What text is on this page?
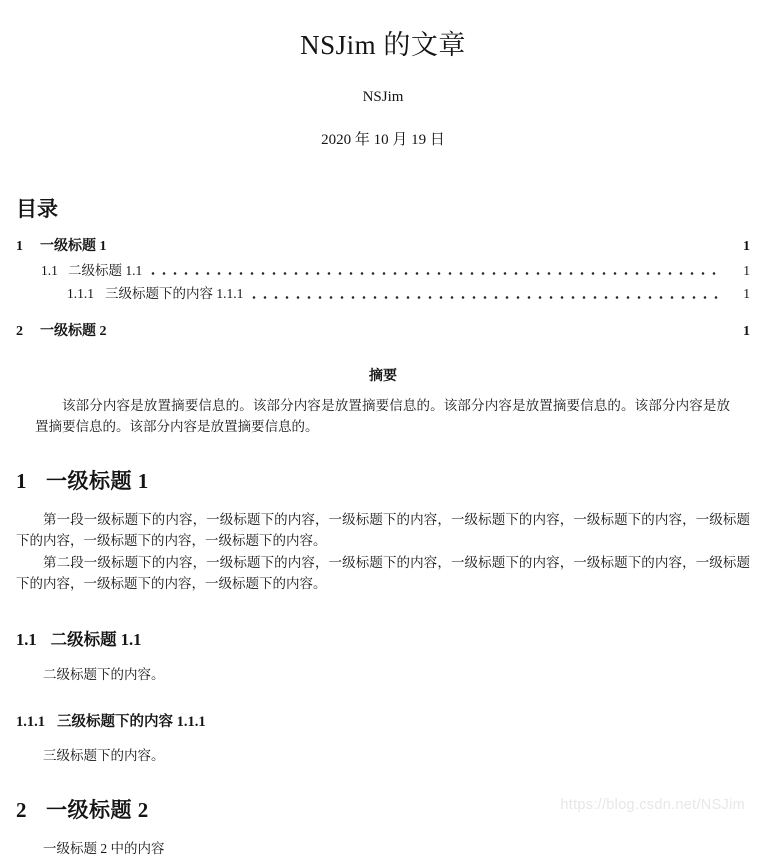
NSJim 的文章
NSJim
2020 年 10 月 19 日
目录
1	一级标题 1	1
1.1 二级标题 1.1	1
1.1.1 三级标题下的内容 1.1.1	1
2	一级标题 2	1
摘要

该部分内容是放置摘要信息的。该部分内容是放置摘要信息的。该部分内容是放置摘要信息的。该部分内容是放置摘要信息的。该部分内容是放置摘要信息的。

1 一级标题 1

第一段一级标题下的内容，一级标题下的内容，一级标题下的内容，一级标题下的内容，一级标题下的内容，一级标题下的内容，一级标题下的内容，一级标题下的内容。

第二段一级标题下的内容，一级标题下的内容，一级标题下的内容，一级标题下的内容，一级标题下的内容，一级标题下的内容，一级标题下的内容，一级标题下的内容。

1.1 二级标题 1.1

二级标题下的内容。

1.1.1 三级标题下的内容 1.1.1

三级标题下的内容。

2 一级标题 2

一级标题 2 中的内容

https://blog.csdn.net/NSJim
